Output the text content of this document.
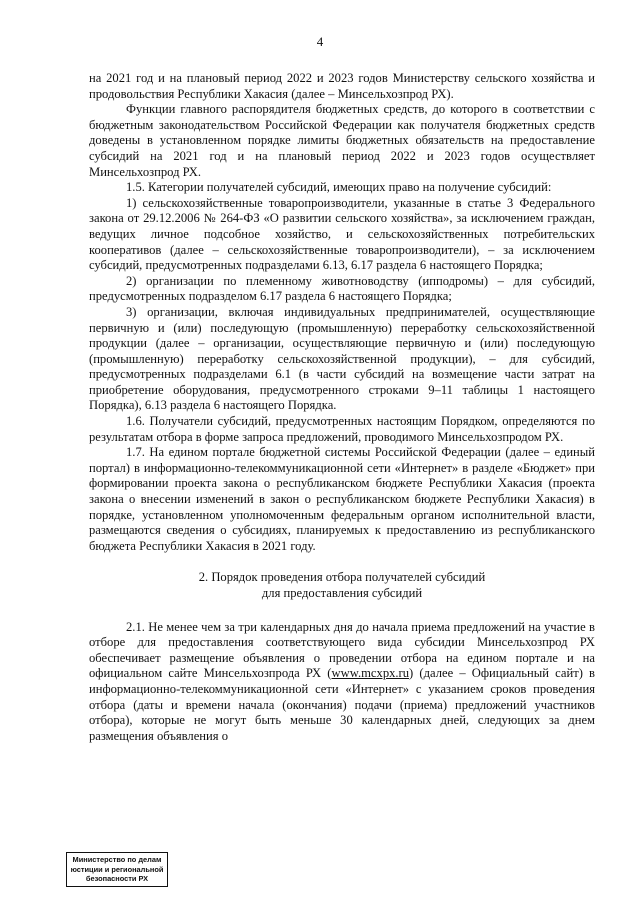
4

на 2021 год и на плановый период 2022 и 2023 годов Министерству сельского хозяйства и продовольствия Республики Хакасия (далее – Минсельхозпрод РХ).

Функции главного распорядителя бюджетных средств, до которого в соответствии с бюджетным законодательством Российской Федерации как получателя бюджетных средств доведены в установленном порядке лимиты бюджетных обязательств на предоставление субсидий на 2021 год и на плановый период 2022 и 2023 годов осуществляет Минсельхозпрод РХ.

1.5. Категории получателей субсидий, имеющих право на получение субсидий:

1) сельскохозяйственные товаропроизводители, указанные в статье 3 Федерального закона от 29.12.2006 № 264-ФЗ «О развитии сельского хозяйства», за исключением граждан, ведущих личное подсобное хозяйство, и сельскохозяйственных потребительских кооперативов (далее – сельскохозяйственные товаропроизводители), – за исключением субсидий, предусмотренных подразделами 6.13, 6.17 раздела 6 настоящего Порядка;

2) организации по племенному животноводству (ипподромы) – для субсидий, предусмотренных подразделом 6.17 раздела 6 настоящего Порядка;

3) организации, включая индивидуальных предпринимателей, осуществляющие первичную и (или) последующую (промышленную) переработку сельскохозяйственной продукции (далее – организации, осуществляющие первичную и (или) последующую (промышленную) переработку сельскохозяйственной продукции), – для субсидий, предусмотренных подразделами 6.1 (в части субсидий на возмещение части затрат на приобретение оборудования, предусмотренного строками 9–11 таблицы 1 настоящего Порядка), 6.13 раздела 6 настоящего Порядка.

1.6. Получатели субсидий, предусмотренных настоящим Порядком, определяются по результатам отбора в форме запроса предложений, проводимого Минсельхозпродом РХ.

1.7. На едином портале бюджетной системы Российской Федерации (далее – единый портал) в информационно-телекоммуникационной сети «Интернет» в разделе «Бюджет» при формировании проекта закона о республиканском бюджете Республики Хакасия (проекта закона о внесении изменений в закон о республиканском бюджете Республики Хакасия) в порядке, установленном уполномоченным федеральным органом исполнительной власти, размещаются сведения о субсидиях, планируемых к предоставлению из республиканского бюджета Республики Хакасия в 2021 году.

2. Порядок проведения отбора получателей субсидий
для предоставления субсидий

2.1. Не менее чем за три календарных дня до начала приема предложений на участие в отборе для предоставления соответствующего вида субсидии Минсельхозпрод РХ обеспечивает размещение объявления о проведении отбора на едином портале и на официальном сайте Минсельхозпрода РХ (www.mcxpx.ru) (далее – Официальный сайт) в информационно-телекоммуникационной сети «Интернет» с указанием сроков проведения отбора (даты и времени начала (окончания) подачи (приема) предложений участников отбора), которые не могут быть меньше 30 календарных дней, следующих за днем размещения объявления о

Министерство по делам
юстиции и региональной
безопасности РХ
